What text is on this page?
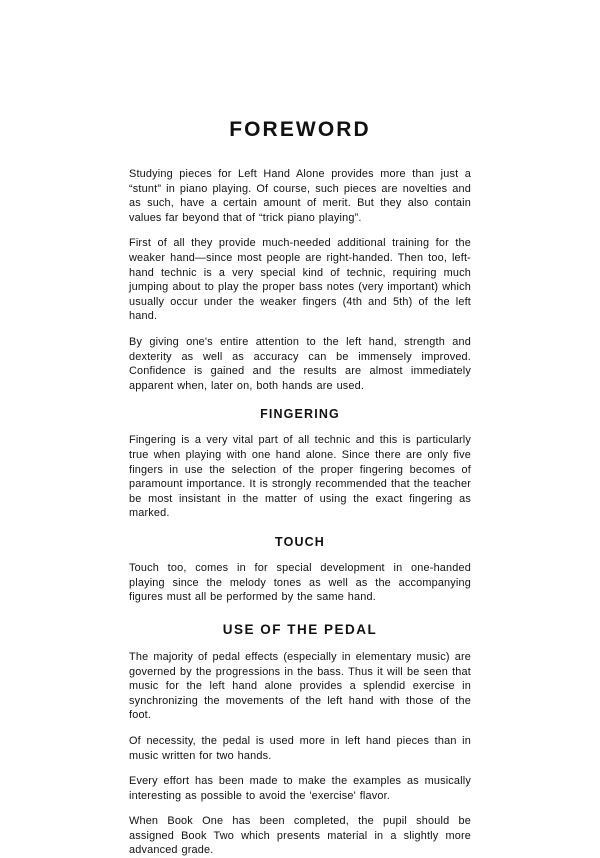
FOREWORD

Studying pieces for Left Hand Alone provides more than just a “stunt” in piano playing. Of course, such pieces are novelties and as such, have a certain amount of merit. But they also contain values far beyond that of “trick piano playing”.

First of all they provide much-needed additional training for the weaker hand—since most people are right-handed. Then too, left-hand technic is a very special kind of technic, requiring much jumping about to play the proper bass notes (very important) which usually occur under the weaker fingers (4th and 5th) of the left hand.

By giving one's entire attention to the left hand, strength and dexterity as well as accuracy can be immensely improved. Confidence is gained and the results are almost immediately apparent when, later on, both hands are used.

FINGERING

Fingering is a very vital part of all technic and this is particularly true when playing with one hand alone. Since there are only five fingers in use the selection of the proper fingering becomes of paramount importance. It is strongly recommended that the teacher be most insistant in the matter of using the exact fingering as marked.

TOUCH

Touch too, comes in for special development in one-handed playing since the melody tones as well as the accompanying figures must all be performed by the same hand.

USE OF THE PEDAL

The majority of pedal effects (especially in elementary music) are governed by the progressions in the bass. Thus it will be seen that music for the left hand alone provides a splendid exercise in synchronizing the movements of the left hand with those of the foot.

Of necessity, the pedal is used more in left hand pieces than in music written for two hands.

Every effort has been made to make the examples as musically interesting as possible to avoid the 'exercise' flavor.

When Book One has been completed, the pupil should be assigned Book Two which presents material in a slightly more advanced grade.
